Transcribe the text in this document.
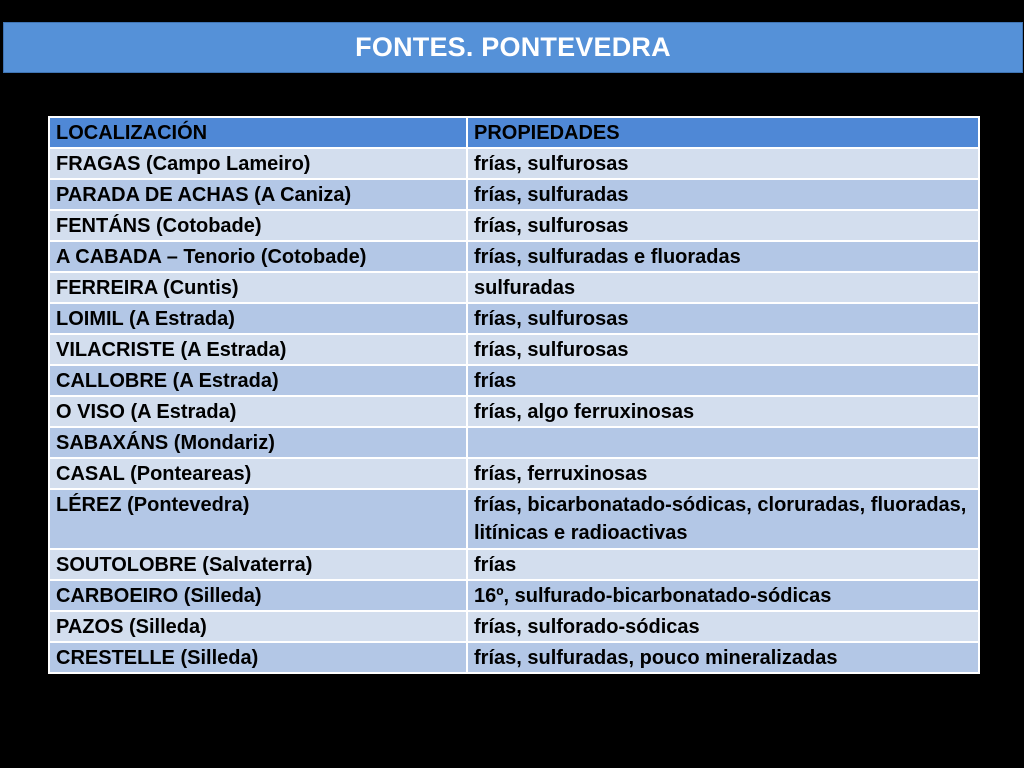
FONTES. PONTEVEDRA
LOCALIZACIÓN	PROPIEDADES
FRAGAS (Campo Lameiro)	frías, sulfurosas
PARADA DE ACHAS (A Caniza)	frías, sulfuradas
FENTÁNS (Cotobade)	frías, sulfurosas
A CABADA – Tenorio (Cotobade)	frías, sulfuradas e fluoradas
FERREIRA (Cuntis)	sulfuradas
LOIMIL (A Estrada)	frías, sulfurosas
VILACRISTE (A Estrada)	frías, sulfurosas
CALLOBRE (A Estrada)	frías
O VISO (A Estrada)	frías, algo ferruxinosas
SABAXÁNS (Mondariz)	
CASAL (Ponteareas)	frías, ferruxinosas
LÉREZ (Pontevedra)	frías, bicarbonatado-sódicas, cloruradas, fluoradas, litínicas e radioactivas
SOUTOLOBRE (Salvaterra)	frías
CARBOEIRO (Silleda)	16º, sulfurado-bicarbonatado-sódicas
PAZOS (Silleda)	frías, sulforado-sódicas
CRESTELLE (Silleda)	frías, sulfuradas, pouco mineralizadas
